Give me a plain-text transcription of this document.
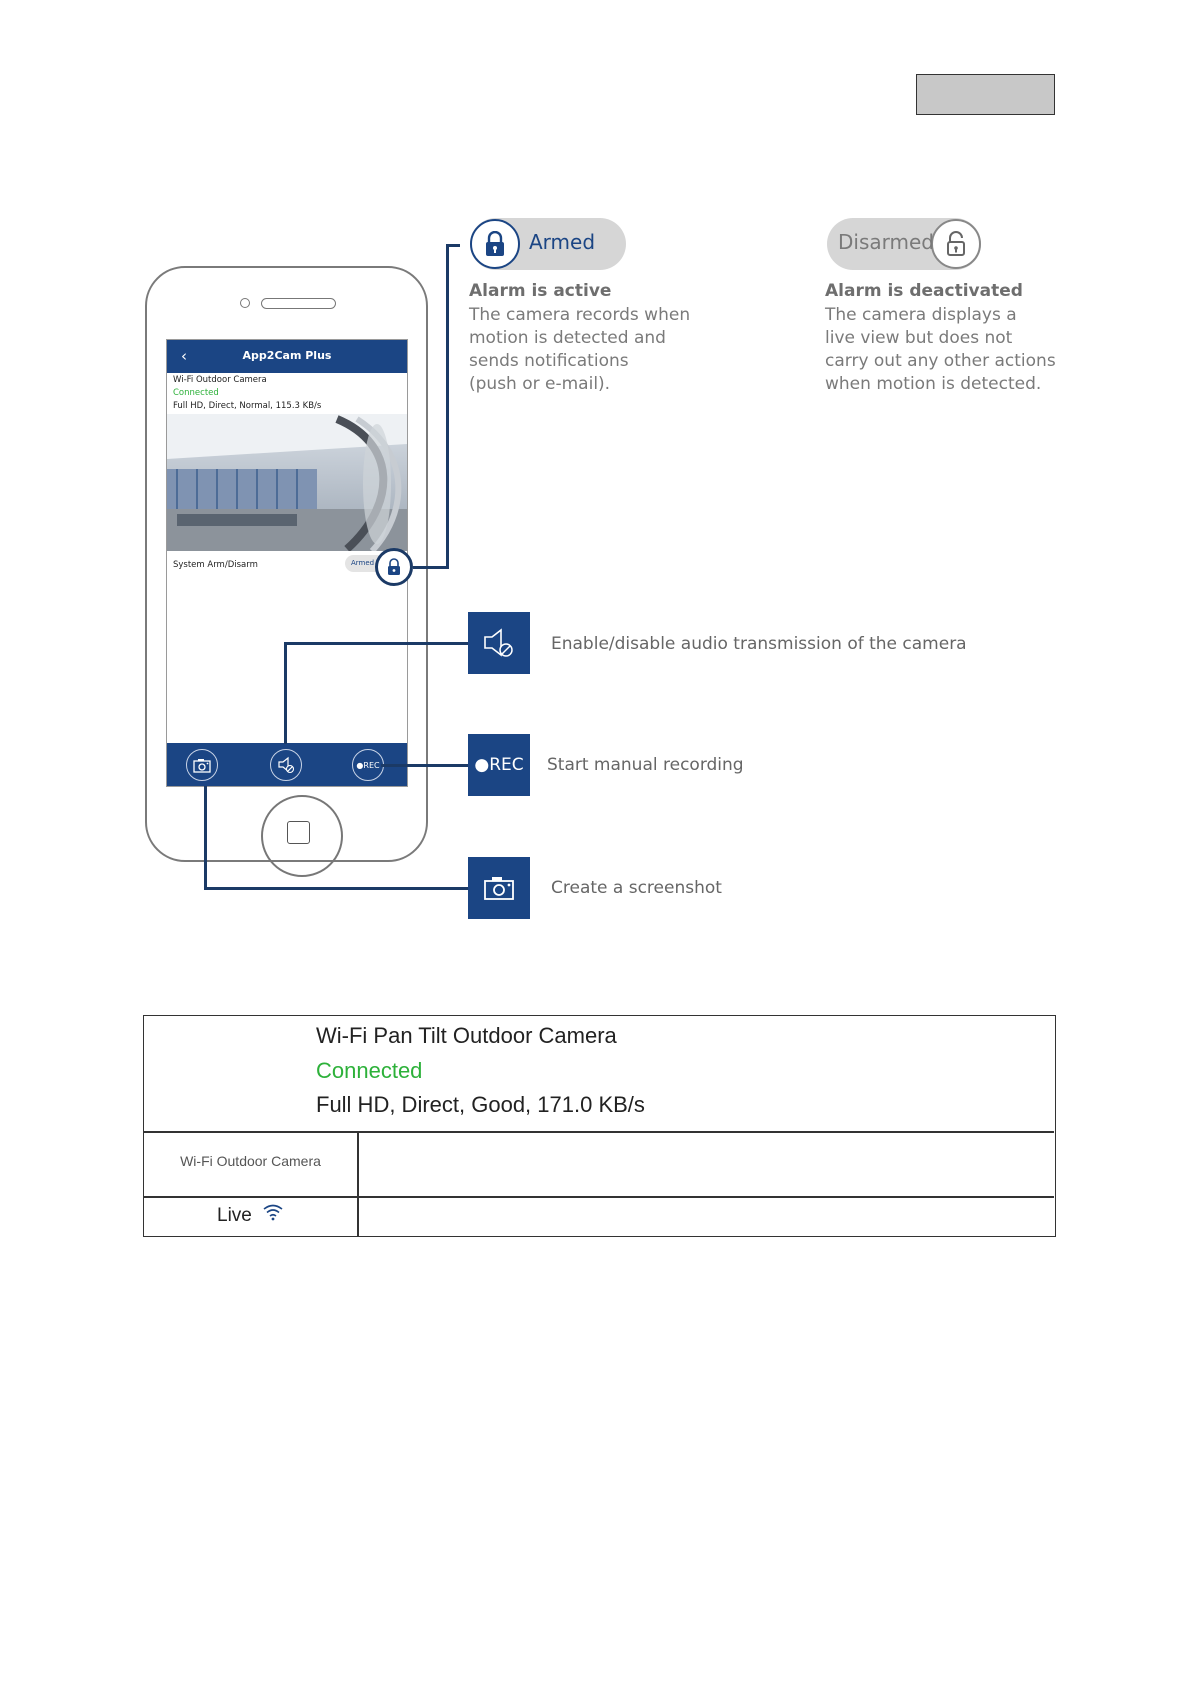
‹	App2Cam Plus
Wi-Fi Outdoor Camera
Connected
Full HD, Direct, Normal, 115.3 KB/s
System Arm/Disarm	Armed
●REC
Armed
Alarm is active
The camera records when
motion is detected and
sends notifications
(push or e-mail).
Disarmed
Alarm is deactivated
The camera displays a
live view but does not
carry out any other actions
when motion is detected.
Enable/disable audio transmission of the camera
●REC	Start manual recording
Create a screenshot
Wi-Fi Pan Tilt Outdoor Camera
Connected
Full HD, Direct, Good, 171.0 KB/s
Wi-Fi Outdoor Camera
Live
